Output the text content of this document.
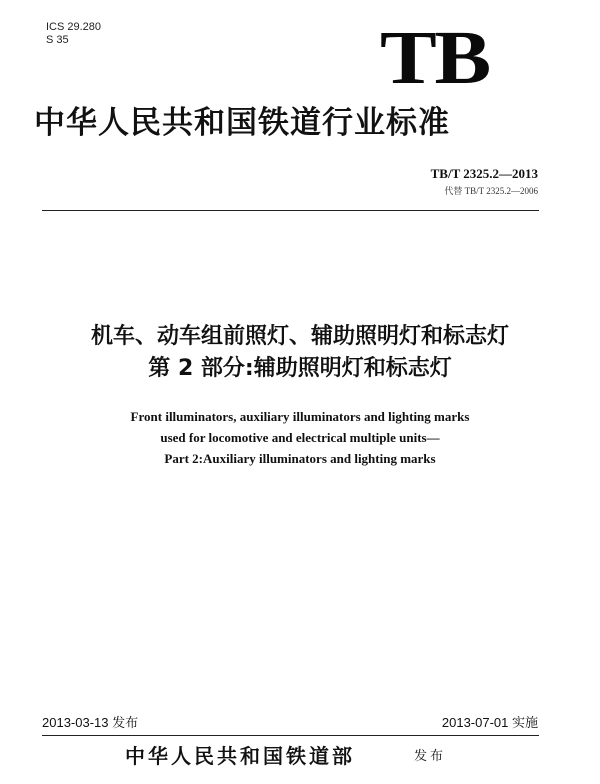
ICS 29.280
S 35	TB
中华人民共和国铁道行业标准
TB/T 2325.2—2013
代替 TB/T 2325.2—2006
机车、动车组前照灯、辅助照明灯和标志灯
第 2 部分:辅助照明灯和标志灯
Front illuminators, auxiliary illuminators and lighting marks
used for locomotive and electrical multiple units—
Part 2:Auxiliary illuminators and lighting marks
2013-03-13 发布	2013-07-01 实施
中华人民共和国铁道部	发布
